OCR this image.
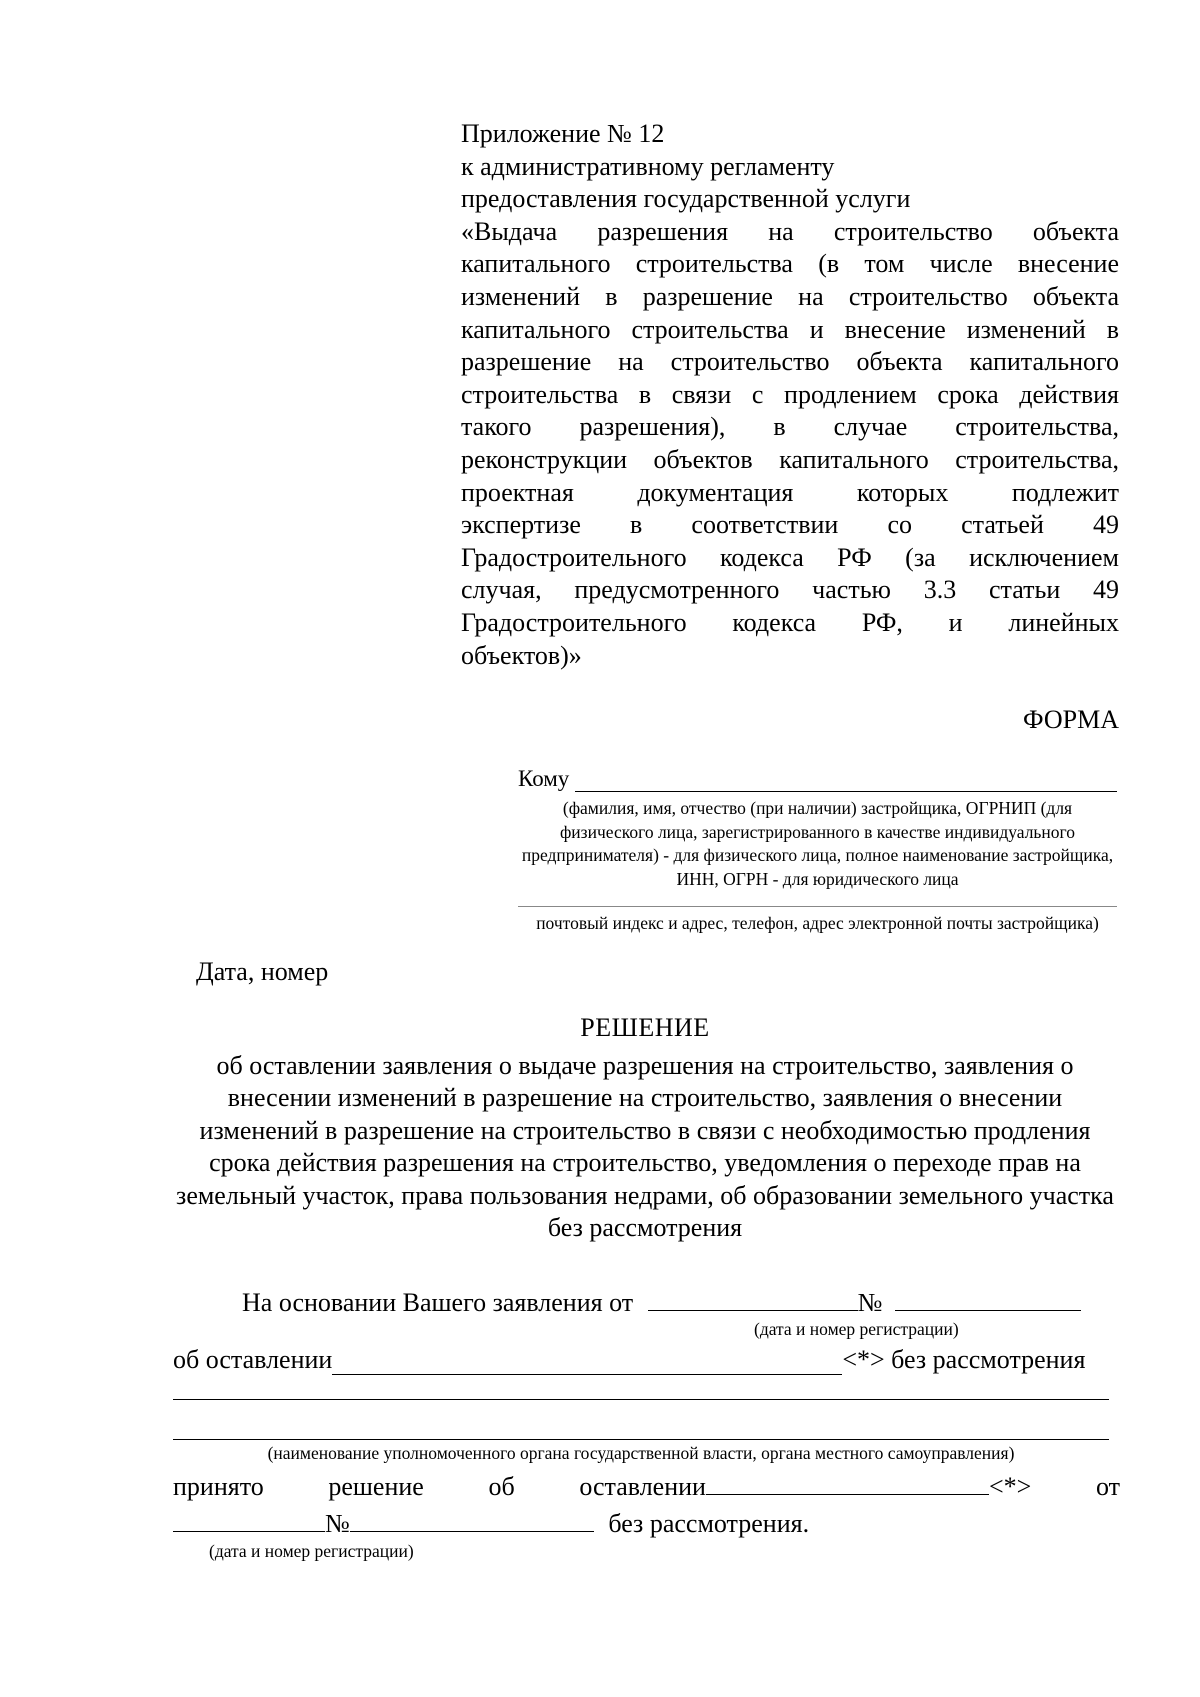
Приложение № 12
к административному регламенту
предоставления государственной услуги
«Выдача разрешения на строительство объекта
капитального строительства (в том числе внесение
изменений в разрешение на строительство объекта
капитального строительства и внесение изменений в
разрешение на строительство объекта капитального
строительства в связи с продлением срока действия
такого разрешения), в случае строительства,
реконструкции объектов капитального строительства,
проектная документация которых подлежит
экспертизе в соответствии со статьей 49
Градостроительного кодекса РФ (за исключением
случая, предусмотренного частью 3.3 статьи 49
Градостроительного кодекса РФ, и линейных
объектов)»
ФОРМА
Кому
(фамилия, имя, отчество (при наличии) застройщика, ОГРНИП (для физического лица, зарегистрированного в качестве индивидуального предпринимателя) - для физического лица, полное наименование застройщика, ИНН, ОГРН - для юридического лица
почтовый индекс и адрес, телефон, адрес электронной почты застройщика)
Дата, номер
РЕШЕНИЕ
об оставлении заявления о выдаче разрешения на строительство, заявления о внесении изменений в разрешение на строительство, заявления о внесении изменений в разрешение на строительство в связи с необходимостью продления срока действия разрешения на строительство, уведомления о переходе прав на земельный участок, права пользования недрами, об образовании земельного участка без рассмотрения
На основании Вашего заявления от	№
(дата и номер регистрации)
об оставлении	<*> без рассмотрения
(наименование уполномоченного органа государственной власти, органа местного самоуправления)
принято решение об оставлении	<*> от
№	без рассмотрения.
(дата и номер регистрации)
